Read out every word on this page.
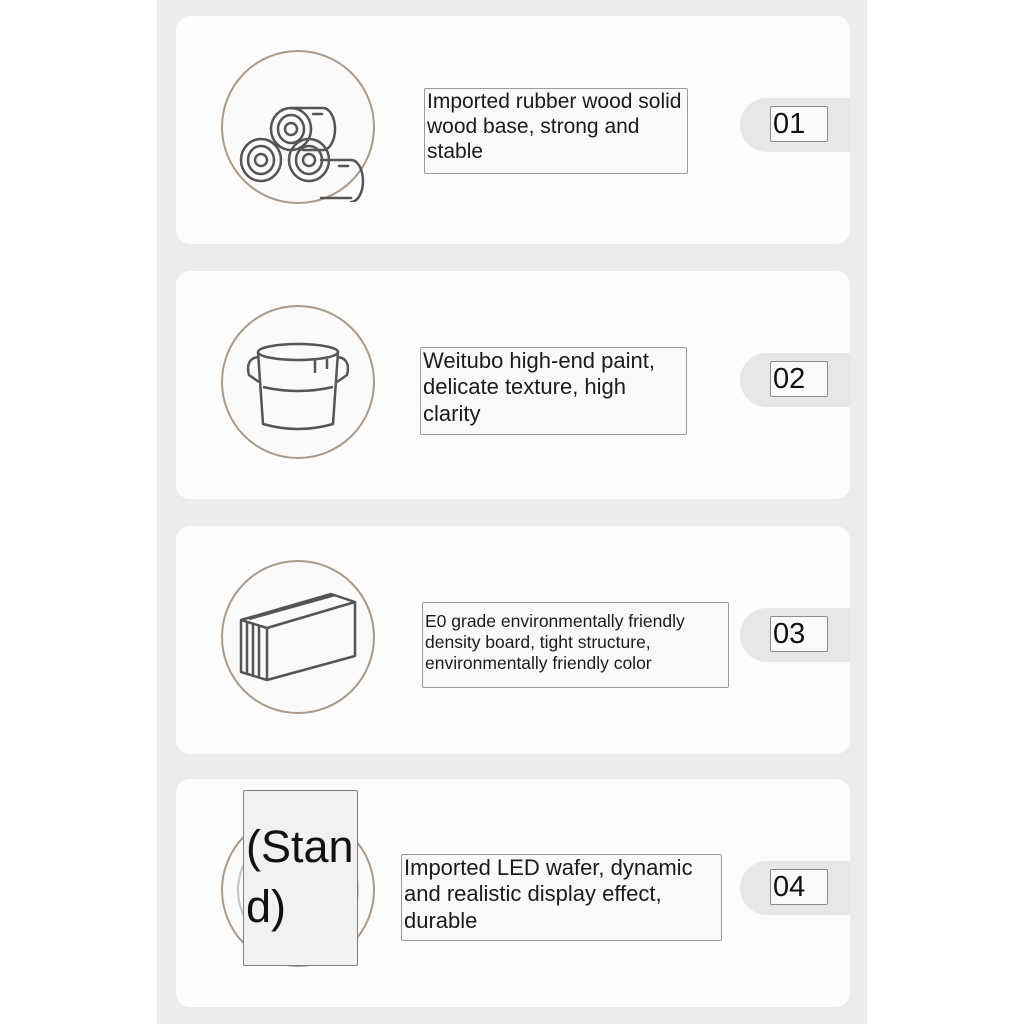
Imported rubber wood solid wood base, strong and stable
01
Weitubo high-end paint, delicate texture, high clarity
02
E0 grade environmentally friendly density board, tight structure, environmentally friendly color
03
Imported LED wafer, dynamic and realistic display effect, durable
04
(Stand)
